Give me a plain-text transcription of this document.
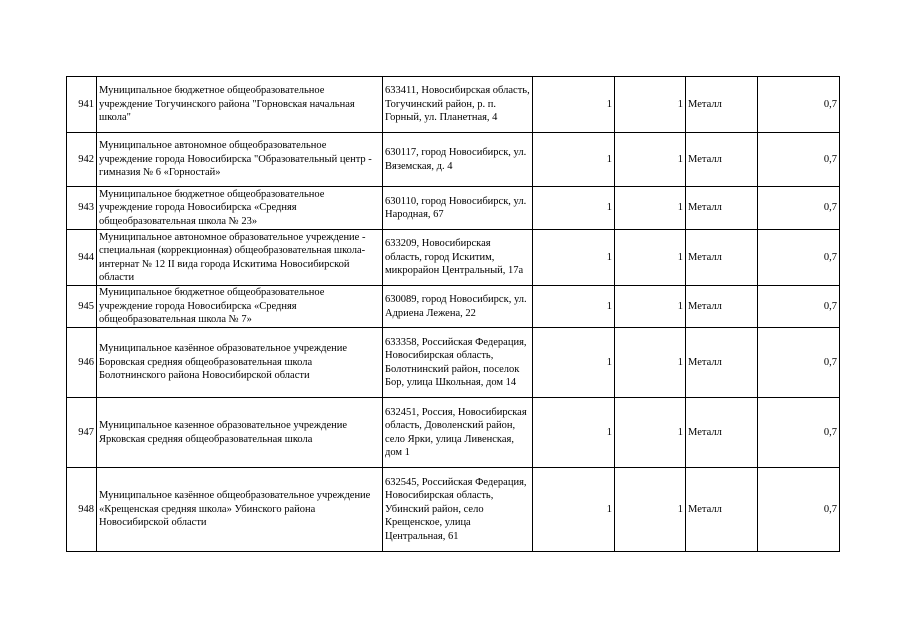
941	Муниципальное бюджетное общеобразовательное учреждение Тогучинского района "Горновская начальная школа"	633411, Новосибирская область, Тогучинский район, р. п. Горный, ул. Планетная, 4	1	1	Металл	0,7
942	Муниципальное автономное общеобразовательное учреждение города Новосибирска "Образовательный центр - гимназия № 6 «Горностай»	630117, город Новосибирск, ул. Вяземская, д. 4	1	1	Металл	0,7
943	Муниципальное бюджетное общеобразовательное учреждение города Новосибирска «Средняя общеобразовательная школа № 23»	630110, город Новосибирск, ул. Народная, 67	1	1	Металл	0,7
944	Муниципальное автономное образовательное учреждение - специальная (коррекционная) общеобразовательная школа-интернат № 12 II вида города Искитима Новосибирской области	633209, Новосибирская область, город Искитим, микрорайон Центральный, 17а	1	1	Металл	0,7
945	Муниципальное бюджетное общеобразовательное учреждение города Новосибирска «Средняя общеобразовательная школа № 7»	630089, город Новосибирск, ул. Адриена Лежена, 22	1	1	Металл	0,7
946	Муниципальное казённое образовательное учреждение Боровская средняя общеобразовательная школа Болотнинского района Новосибирской области	633358, Российская Федерация, Новосибирская область, Болотнинский район, поселок Бор, улица Школьная, дом 14	1	1	Металл	0,7
947	Муниципальное казенное образовательное учреждение Ярковская средняя общеобразовательная школа	632451, Россия, Новосибирская область, Доволенский район, село Ярки, улица Ливенская, дом 1	1	1	Металл	0,7
948	Муниципальное казённое общеобразовательное учреждение «Крещенская средняя школа» Убинского района Новосибирской области	632545, Российская Федерация, Новосибирская область, Убинский район, село Крещенское, улица Центральная, 61	1	1	Металл	0,7
